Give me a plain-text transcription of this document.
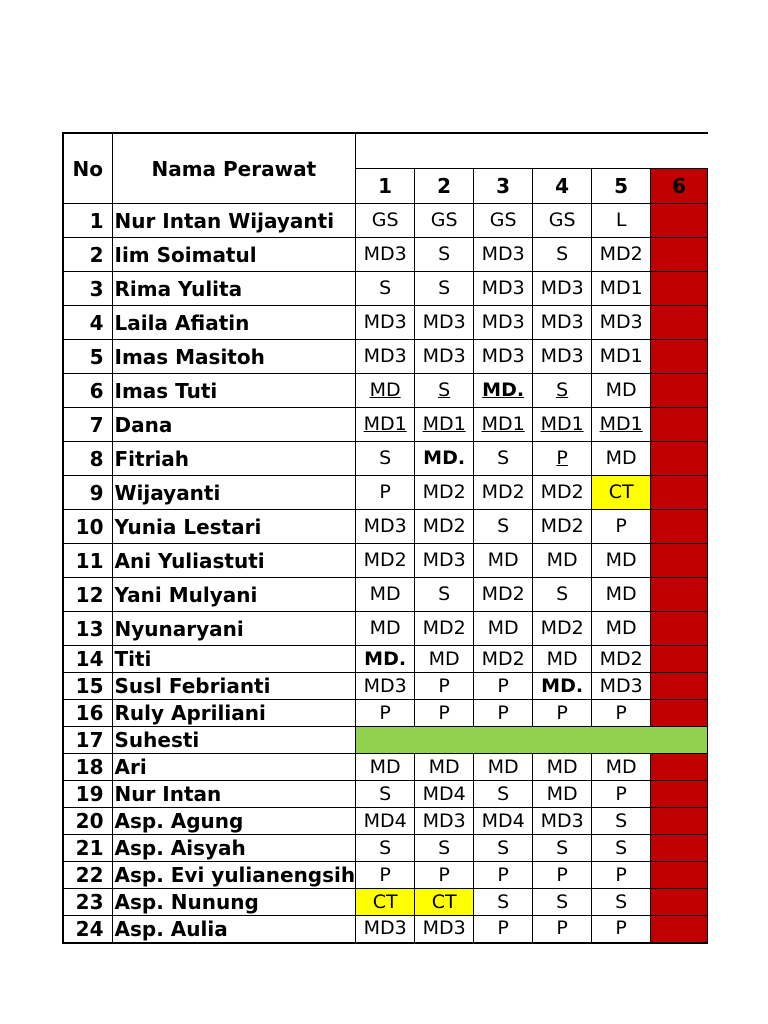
No	Nama Perawat						
		1	2	3	4	5	6
1	Nur Intan Wijayanti	GS	GS	GS	GS	L	L
2	Iim Soimatul	MD3	S	MD3	S	MD2	L
3	Rima Yulita	S	S	MD3	MD3	MD1	L
4	Laila Afiatin	MD3	MD3	MD3	MD3	MD3	L
5	Imas Masitoh	MD3	MD3	MD3	MD3	MD1	L
6	Imas Tuti	MD	S	MD.	S	MD	L
7	Dana	MD1	MD1	MD1	MD1	MD1	L
8	Fitriah	S	MD.	S	P	MD	L
9	Wijayanti	P	MD2	MD2	MD2	CT	L
10	Yunia Lestari	MD3	MD2	S	MD2	P	L
11	Ani Yuliastuti	MD2	MD3	MD	MD	MD	L
12	Yani Mulyani	MD	S	MD2	S	MD	L
13	Nyunaryani	MD	MD2	MD	MD2	MD	L
14	Titi	MD.	MD	MD2	MD	MD2	L
15	Susl Febrianti	MD3	P	P	MD.	MD3	L
16	Ruly Apriliani	P	P	P	P	P	L
17	Suhesti						
18	Ari	MD	MD	MD	MD	MD	L
19	Nur Intan	S	MD4	S	MD	P	L
20	Asp. Agung	MD4	MD3	MD4	MD3	S	L
21	Asp. Aisyah	S	S	S	S	S	L
22	Asp. Evi yulianengsih	P	P	P	P	P	L
23	Asp. Nunung	CT	CT	S	S	S	L
24	Asp. Aulia	MD3	MD3	P	P	P	L
